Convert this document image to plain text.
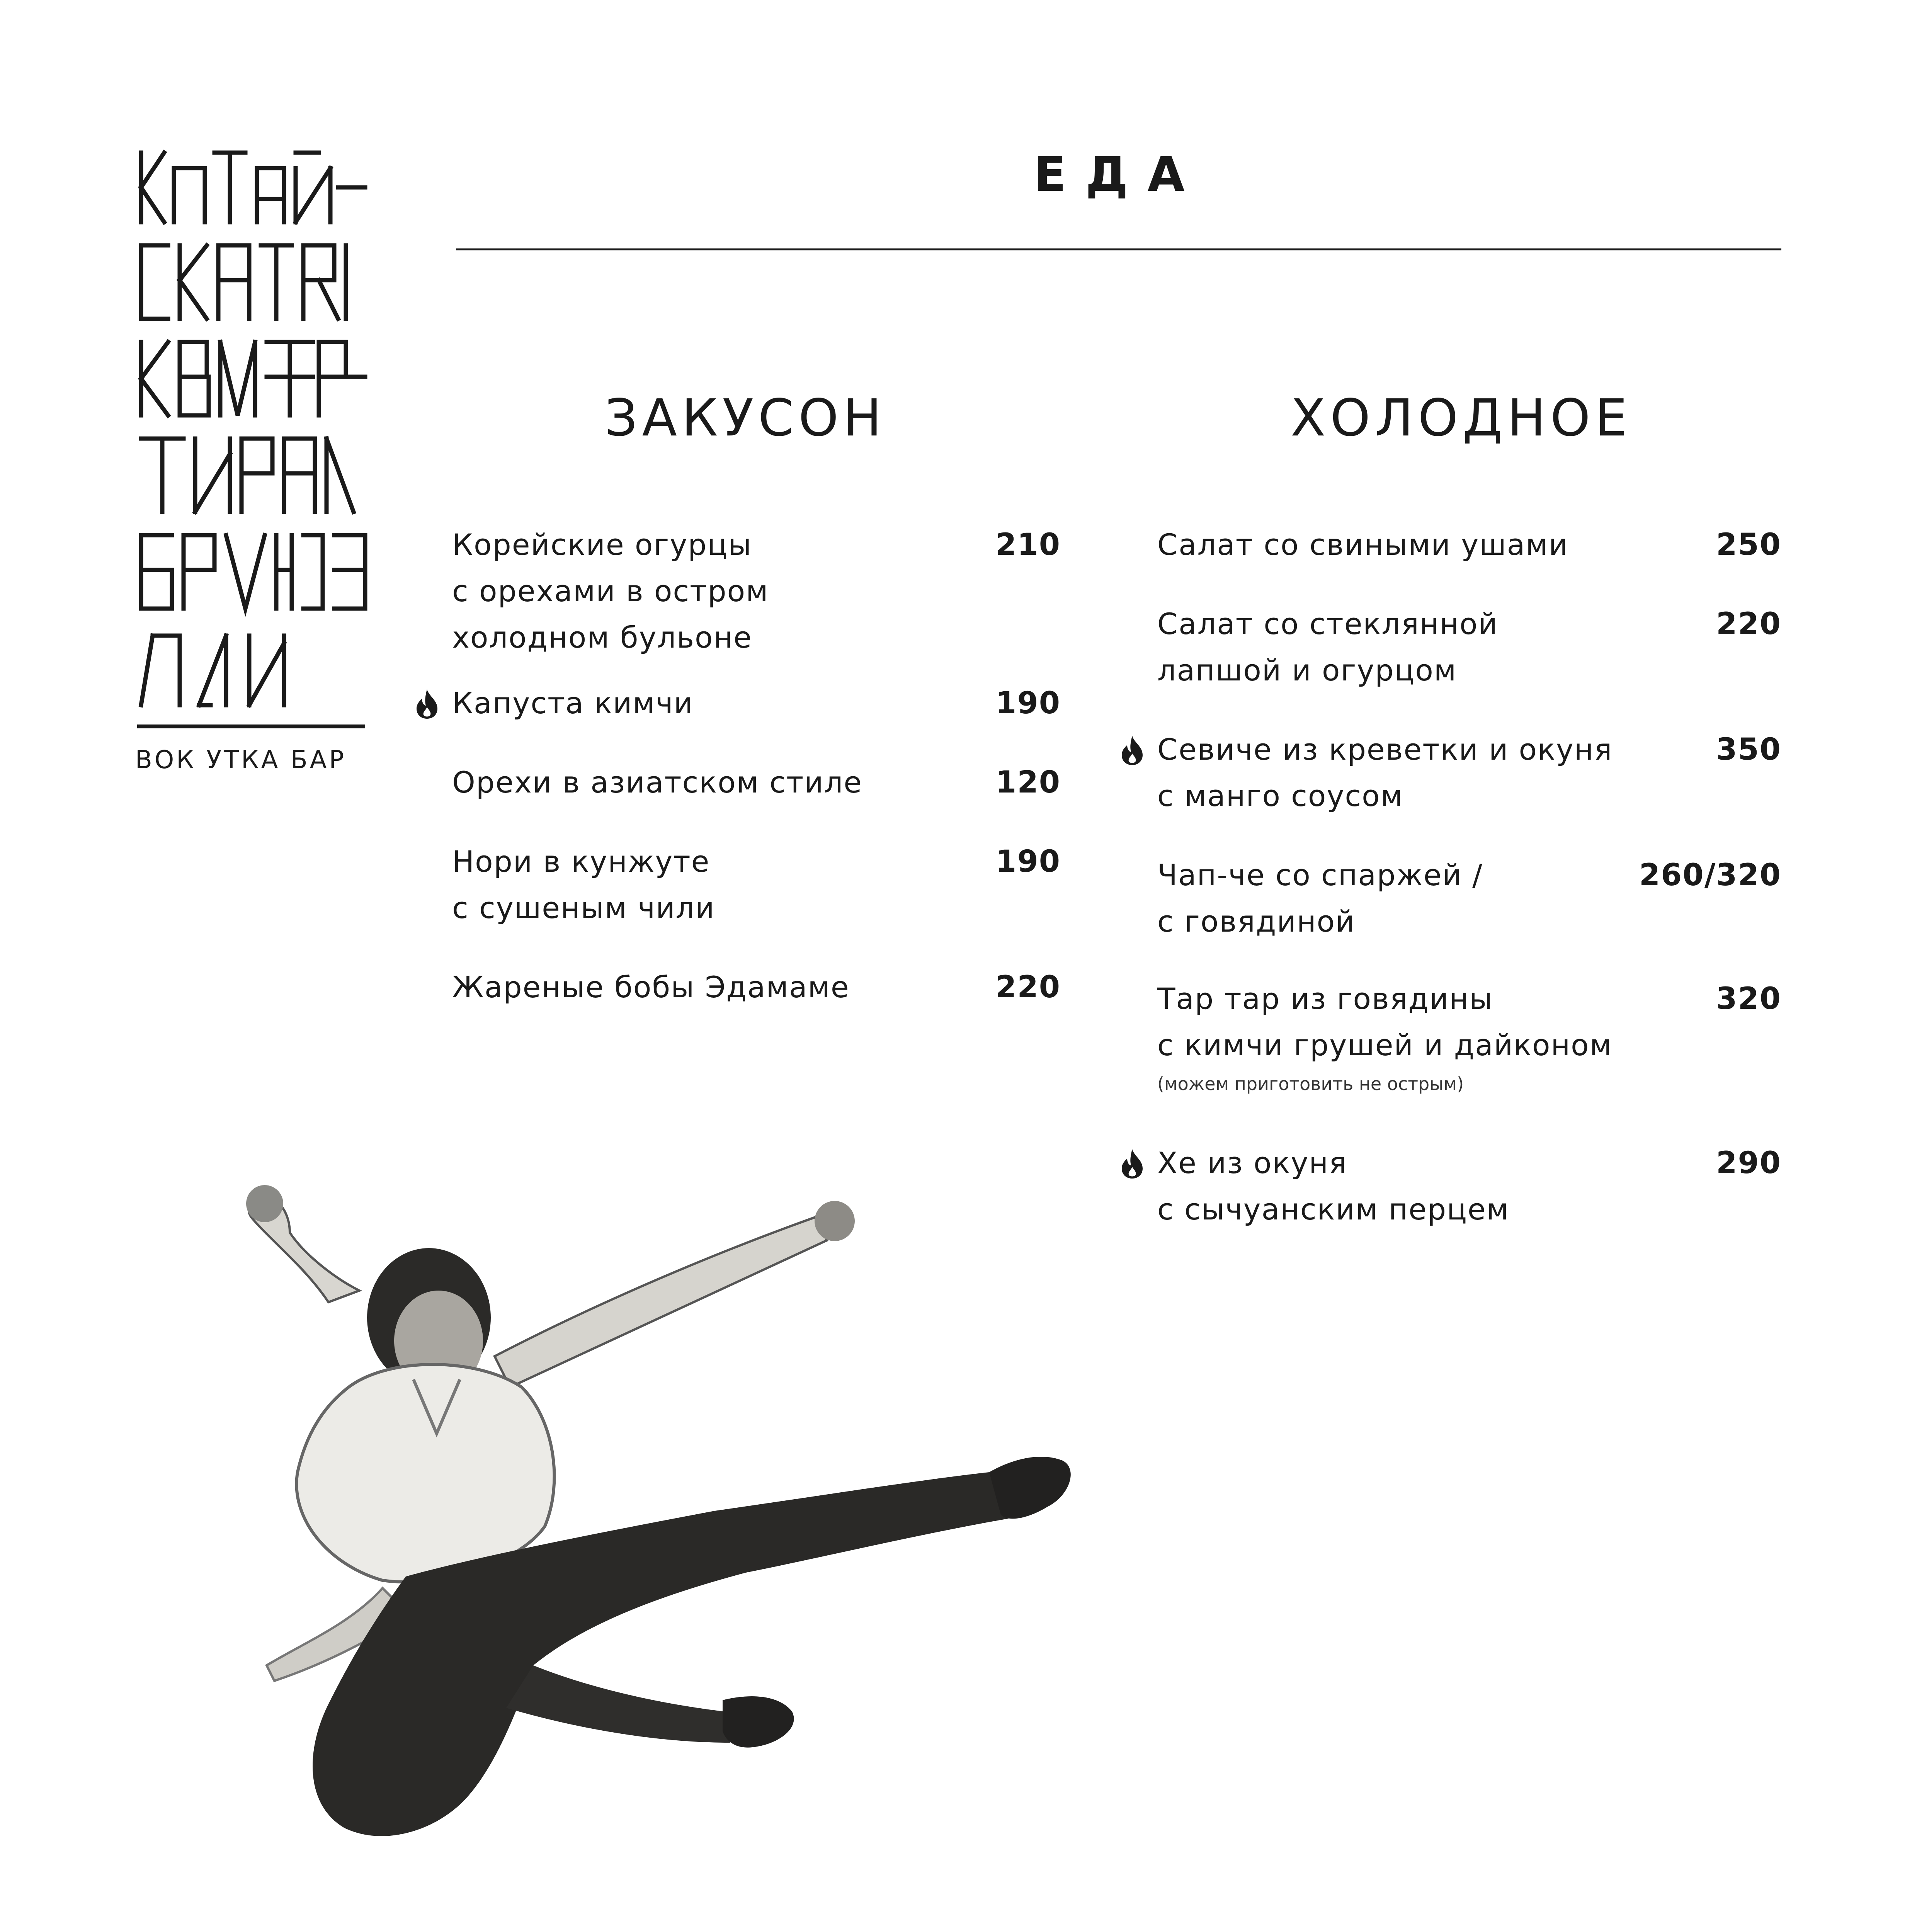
ВОК УТКА БАР
ЕДА
ЗАКУСОН
Корейские огурцы
с орехами в остром
холодном бульоне
210
Капуста кимчи	190
Орехи в азиатском стиле	120
Нори в кунжуте
с сушеным чили
190
Жареные бобы Эдамаме	220
ХОЛОДНОЕ
Салат со свиными ушами	250
Салат со стеклянной
лапшой и огурцом
220
Севиче из креветки и окуня
с манго соусом
350
Чап-че со спаржей /
с говядиной
260/320
Тар тар из говядины
с кимчи грушей и дайконом
(можем приготовить не острым)
320
Хе из окуня
с сычуанским перцем
290
